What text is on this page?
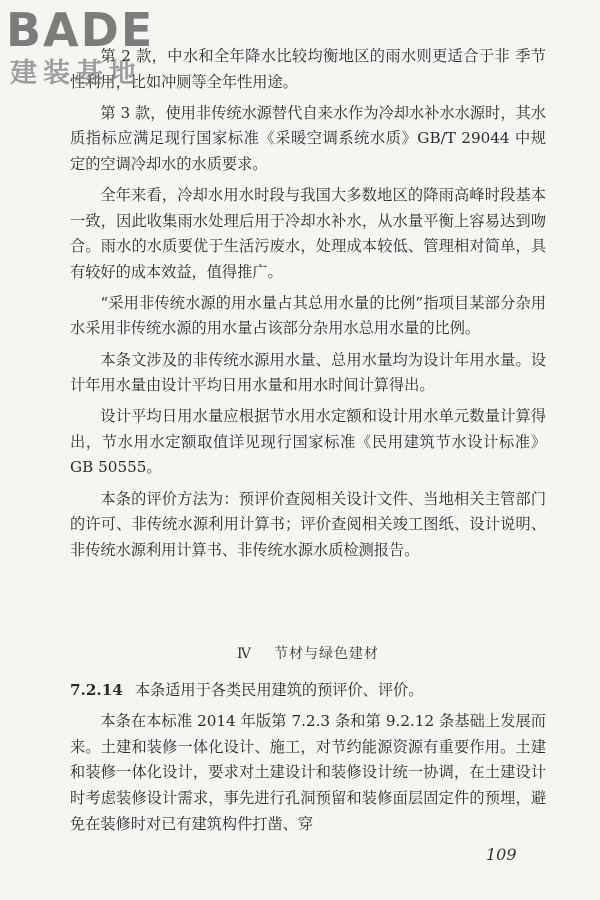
BADE
建装基地

第 2 款，中水和全年降水比较均衡地区的雨水则更适合于非 季节性利用，比如冲厕等全年性用途。

第 3 款，使用非传统水源替代自来水作为冷却水补水水源时，其水质指标应满足现行国家标准《采暖空调系统水质》GB/T 29044 中规定的空调冷却水的水质要求。

全年来看，冷却水用水时段与我国大多数地区的降雨高峰时段基本一致，因此收集雨水处理后用于冷却水补水，从水量平衡上容易达到吻合。雨水的水质要优于生活污废水，处理成本较低、管理相对简单，具有较好的成本效益，值得推广。

“采用非传统水源的用水量占其总用水量的比例”指项目某部分杂用水采用非传统水源的用水量占该部分杂用水总用水量的比例。

本条文涉及的非传统水源用水量、总用水量均为设计年用水量。设计年用水量由设计平均日用水量和用水时间计算得出。

设计平均日用水量应根据节水用水定额和设计用水单元数量计算得出，节水用水定额取值详见现行国家标准《民用建筑节水设计标准》GB 50555。

本条的评价方法为：预评价查阅相关设计文件、当地相关主管部门的许可、非传统水源利用计算书；评价查阅相关竣工图纸、设计说明、非传统水源利用计算书、非传统水源水质检测报告。

Ⅳ 节材与绿色建材

7.2.14 本条适用于各类民用建筑的预评价、评价。

本条在本标准 2014 年版第 7.2.3 条和第 9.2.12 条基础上发展而来。土建和装修一体化设计、施工，对节约能源资源有重要作用。土建和装修一体化设计，要求对土建设计和装修设计统一协调，在土建设计时考虑装修设计需求，事先进行孔洞预留和装修面层固定件的预埋，避免在装修时对已有建筑构件打凿、穿

109
